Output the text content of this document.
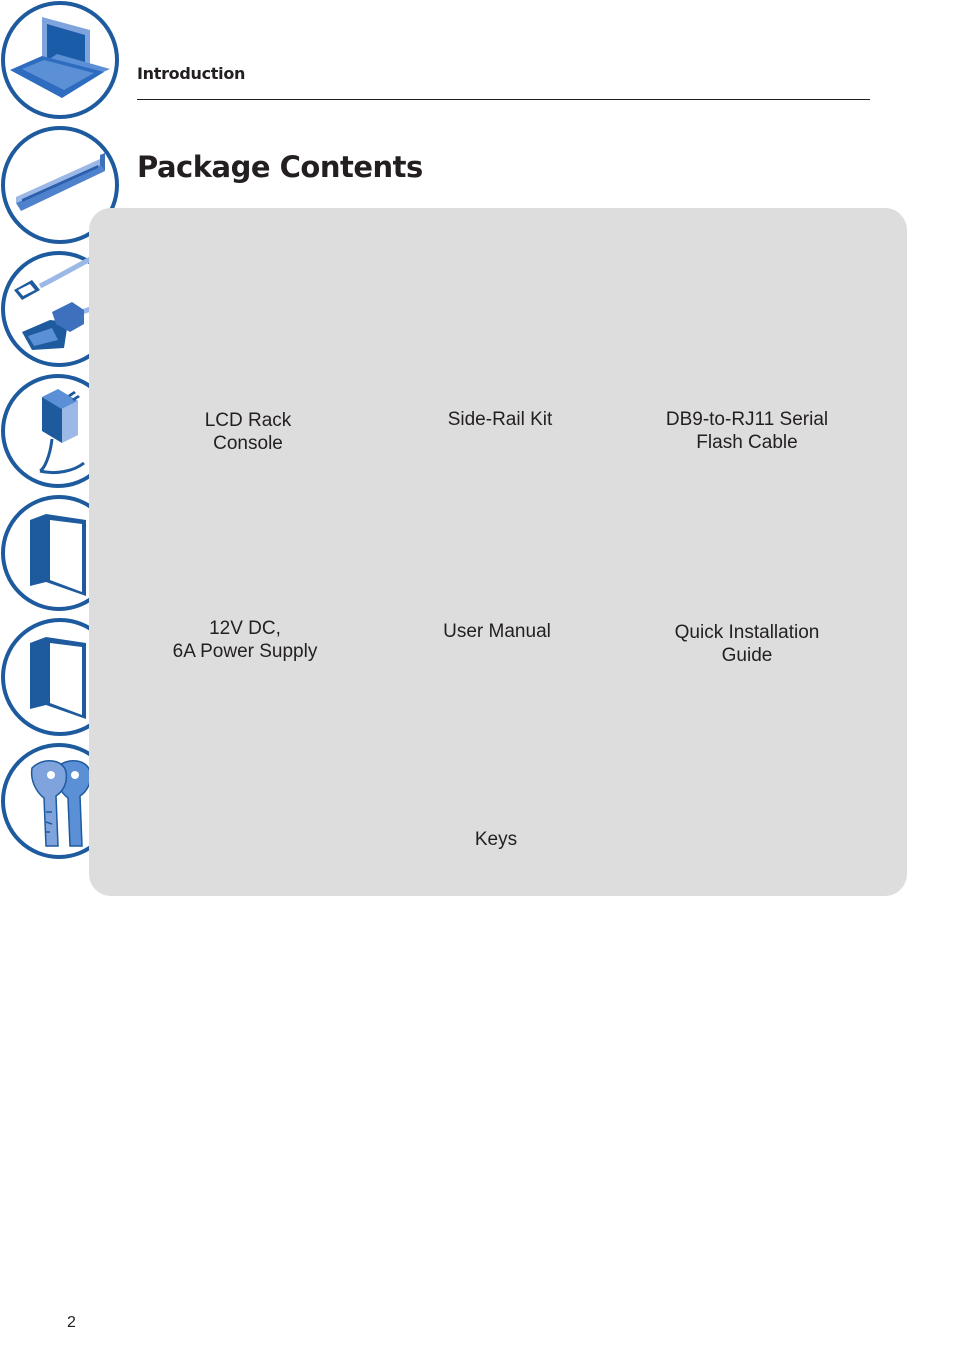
Introduction
Package Contents
LCD Rack
Console
Side-Rail Kit	DB9-to-RJ11 Serial
Flash Cable
12V DC,
6A Power Supply
User Manual	Quick Installation
Guide
Keys
2
